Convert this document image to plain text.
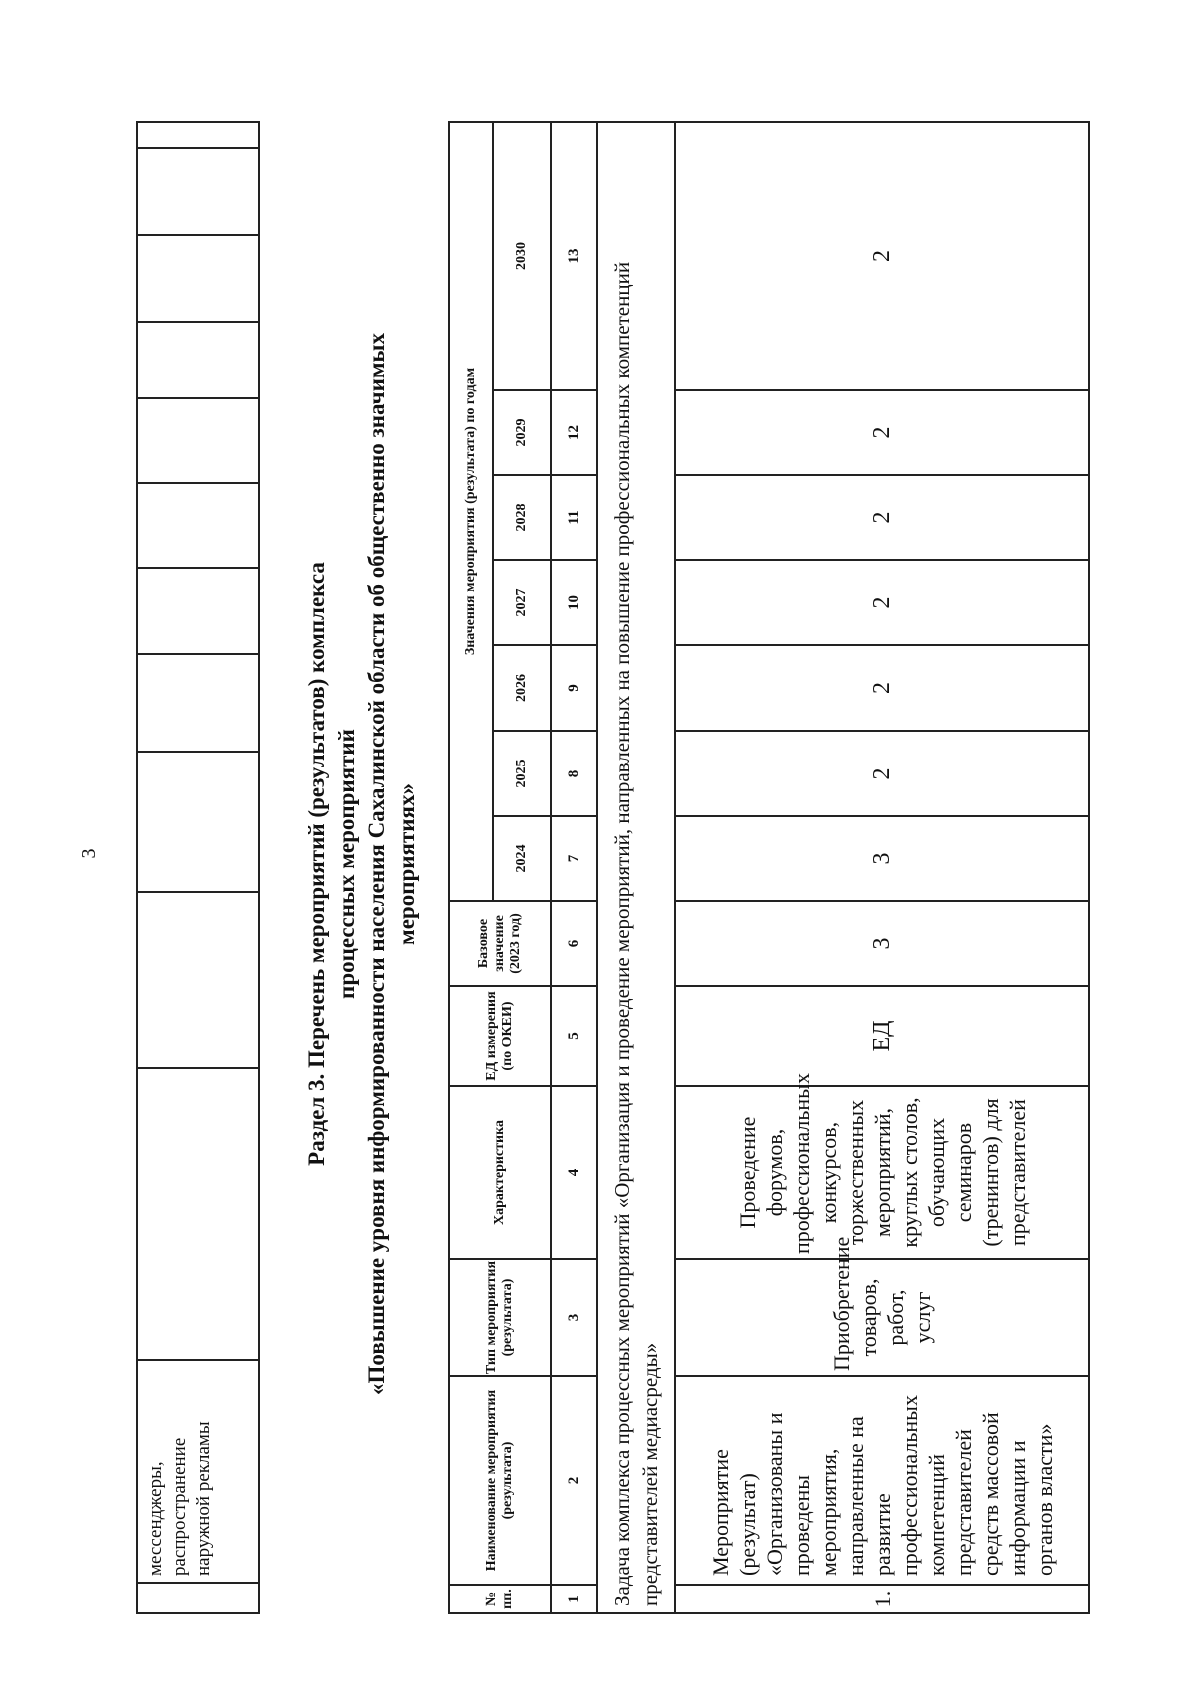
3
	мессенджеры, распространение наружной рекламы											
Раздел 3. Перечень мероприятий (результатов) комплекса процессных мероприятий «Повышение уровня информированности населения Сахалинской области об общественно значимых мероприятиях»
№ пп.	Наименование мероприятия (результата)	Тип мероприятия (результата)	Характеристика	ЕД измерения (по ОКЕИ)	Базовое значение (2023 год)	Значения мероприятия (результата) по годам						
						2024	2025	2026	2027	2028	2029	2030
1	2	3	4	5	6	7	8	9	10	11	12	13
Задача комплекса процессных мероприятий «Организация и проведение мероприятий, направленных на повышение профессиональных компетенций представителей медиасреды»												
1.	Мероприятие (результат) «Организованы и проведены мероприятия, направленные на развитие профессиональных компетенций представителей средств массовой информации и органов власти»	Приобретение товаров, работ, услуг	Проведение форумов, профессиональных конкурсов, торжественных мероприятий, круглых столов, обучающих семинаров (тренингов) для представителей	ЕД	3	3	2	2	2	2	2	2
